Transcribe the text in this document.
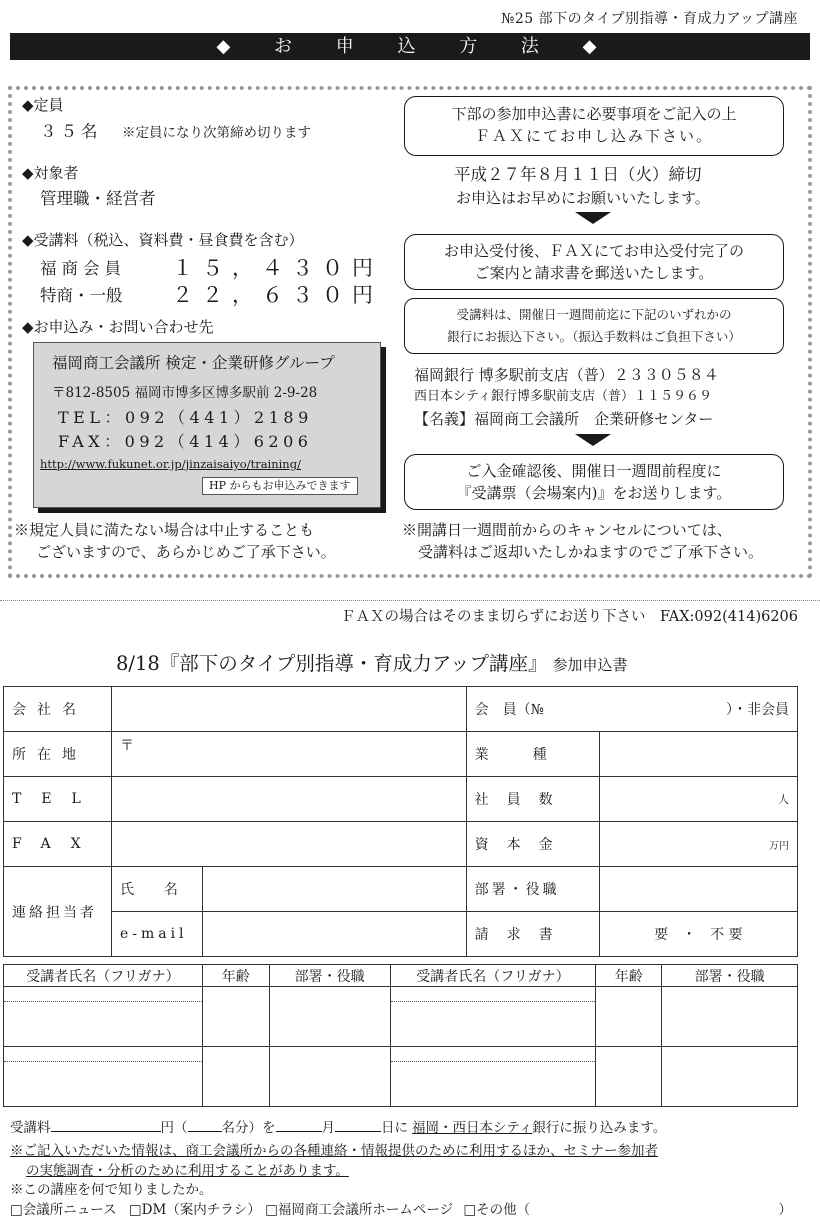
№25 部下のタイプ別指導・育成力アップ講座
◆ お 申 込 方 法 ◆
◆定員
３５名 ※定員になり次第締め切ります
◆対象者
管理職・経営者
◆受講料（税込、資料費・昼食費を含む）
福商会員 １５，４３０円
特商・一般 ２２，６３０円
◆お申込み・お問い合わせ先
福岡商工会議所 検定・企業研修グループ
〒812-8505 福岡市博多区博多駅前 2-9-28
TEL：092（441）2189
FAX：092（414）6206
http://www.fukunet.or.jp/jinzaisaiyo/training/
HP からもお申込みできます
※規定人員に満たない場合は中止することも
ございますので、あらかじめご了承下さい。
下部の参加申込書に必要事項をご記入の上
ＦＡＸにてお申し込み下さい。
平成２７年８月１１日（火）締切
お申込はお早めにお願いいたします。
お申込受付後、ＦＡＸにてお申込受付完了の
ご案内と請求書を郵送いたします。
受講料は、開催日一週間前迄に下記のいずれかの
銀行にお振込下さい。（振込手数料はご負担下さい）
福岡銀行 博多駅前支店（普）２３３０５８４
西日本シティ銀行博多駅前支店（普）１１５９６９
【名義】福岡商工会議所　企業研修センター
ご入金確認後、開催日一週間前程度に
『受講票（会場案内)』をお送りします。
※開講日一週間前からのキャンセルについては、
受講料はご返却いたしかねますのでご了承下さい。
ＦＡＸの場合はそのまま切らずにお送り下さい　FAX:092(414)6206
8/18『部下のタイプ別指導・育成力アップ講座』 参加申込書
会社名			会　員（№ ）・非会員	

所在地	〒		業種	
TEL			社員数	人
FAX			資本金	万円
連絡担当者	氏　名		部署・役職	
	e-mail		請求書	要　・　不 要
受講者氏名（フリガナ）	年齢	部署・役職	受講者氏名（フリガナ）	年齢	部署・役職

受講料	円（	名分）を	月	日に 福岡・西日本シティ銀行に振り込みます。
※ご記入いただいた情報は、商工会議所からの各種連絡・情報提供のために利用するほか、セミナー参加者
の実態調査・分析のために利用することがあります。
※この講座を何で知りましたか。
□会議所ニュース □DM（案内チラシ） □福岡商工会議所ホームページ □その他（	）
